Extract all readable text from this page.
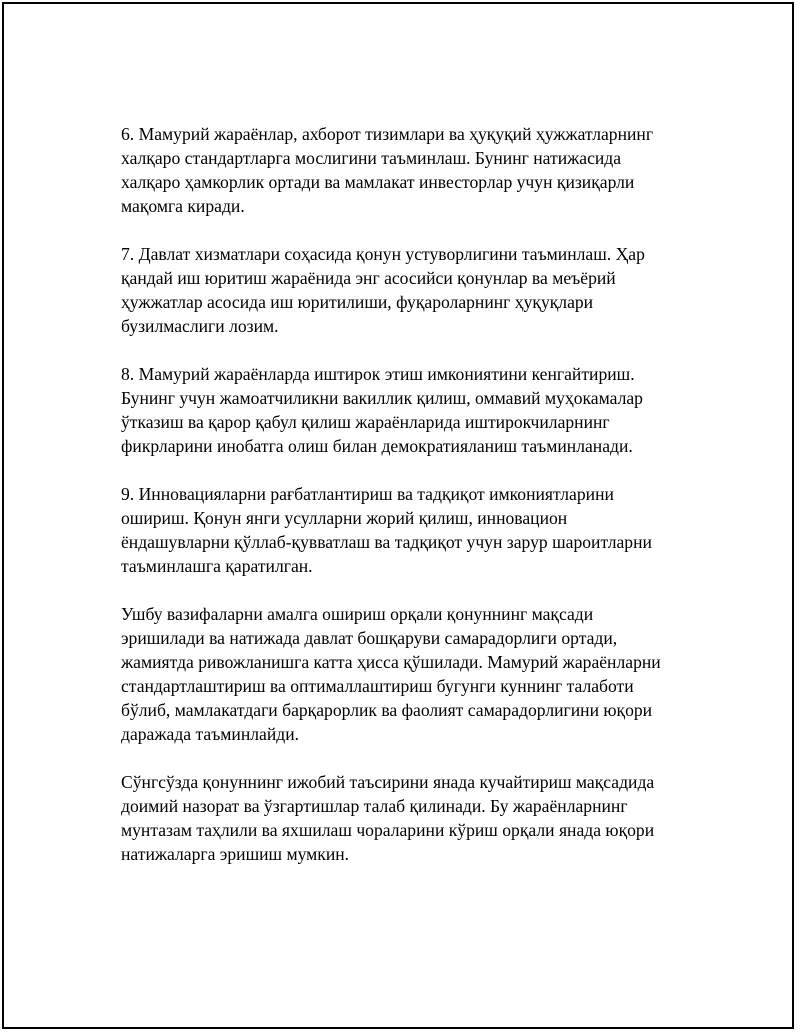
6. Мамурий жараёнлар, ахборот тизимлари ва ҳуқуқий ҳужжатларнинг
халқаро стандартларга мослигини таъминлаш. Бунинг натижасида
халқаро ҳамкорлик ортади ва мамлакат инвесторлар учун қизиқарли
мақомга киради.

7. Давлат хизматлари соҳасида қонун устуворлигини таъминлаш. Ҳар
қандай иш юритиш жараёнида энг асосийси қонунлар ва меъёрий
ҳужжатлар асосида иш юритилиши, фуқароларнинг ҳуқуқлари
бузилмаслиги лозим.

8. Мамурий жараёнларда иштирок этиш имкониятини кенгайтириш.
Бунинг учун жамоатчиликни вакиллик қилиш, оммавий муҳокамалар
ўтказиш ва қарор қабул қилиш жараёнларида иштирокчиларнинг
фикрларини инобатга олиш билан демократияланиш таъминланади.

9. Инновацияларни рағбатлантириш ва тадқиқот имкониятларини
ошириш. Қонун янги усулларни жорий қилиш, инновацион
ёндашувларни қўллаб-қувватлаш ва тадқиқот учун зарур шароитларни
таъминлашга қаратилган.

Ушбу вазифаларни амалга ошириш орқали қонуннинг мақсади
эришилади ва натижада давлат бошқаруви самарадорлиги ортади,
жамиятда ривожланишга катта ҳисса қўшилади. Мамурий жараёнларни
стандартлаштириш ва оптималлаштириш бугунги куннинг талаботи
бўлиб, мамлакатдаги барқарорлик ва фаолият самарадорлигини юқори
даражада таъминлайди.

Сўнгсўзда қонуннинг ижобий таъсирини янада кучайтириш мақсадида
доимий назорат ва ўзгартишлар талаб қилинади. Бу жараёнларнинг
мунтазам таҳлили ва яхшилаш чораларини кўриш орқали янада юқори
натижаларга эришиш мумкин.
